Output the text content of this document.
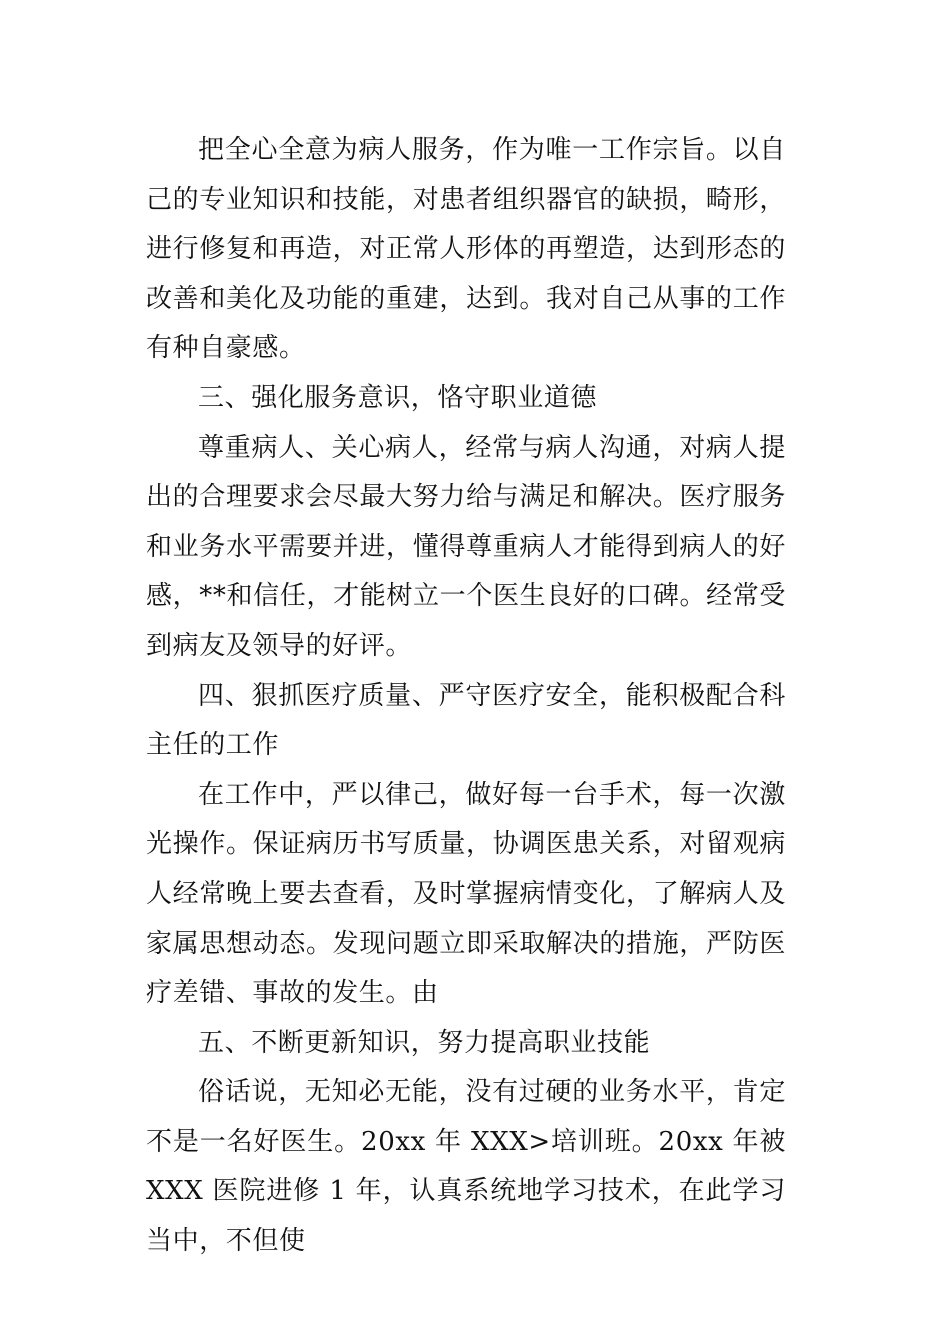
把全心全意为病人服务，作为唯一工作宗旨。以自己的专业知识和技能，对患者组织器官的缺损，畸形，进行修复和再造，对正常人形体的再塑造，达到形态的改善和美化及功能的重建，达到。我对自己从事的工作有种自豪感。

三、强化服务意识，恪守职业道德

尊重病人、关心病人，经常与病人沟通，对病人提出的合理要求会尽最大努力给与满足和解决。医疗服务和业务水平需要并进，懂得尊重病人才能得到病人的好感，**和信任，才能树立一个医生良好的口碑。经常受到病友及领导的好评。

四、狠抓医疗质量、严守医疗安全，能积极配合科主任的工作

在工作中，严以律己，做好每一台手术，每一次激光操作。保证病历书写质量，协调医患关系，对留观病人经常晚上要去查看，及时掌握病情变化，了解病人及家属思想动态。发现问题立即采取解决的措施，严防医疗差错、事故的发生。由

五、不断更新知识，努力提高职业技能

俗话说，无知必无能，没有过硬的业务水平，肯定不是一名好医生。20xx 年 XXX>培训班。20xx 年被 XXX 医院进修 1 年，认真系统地学习技术，在此学习当中，不但使
